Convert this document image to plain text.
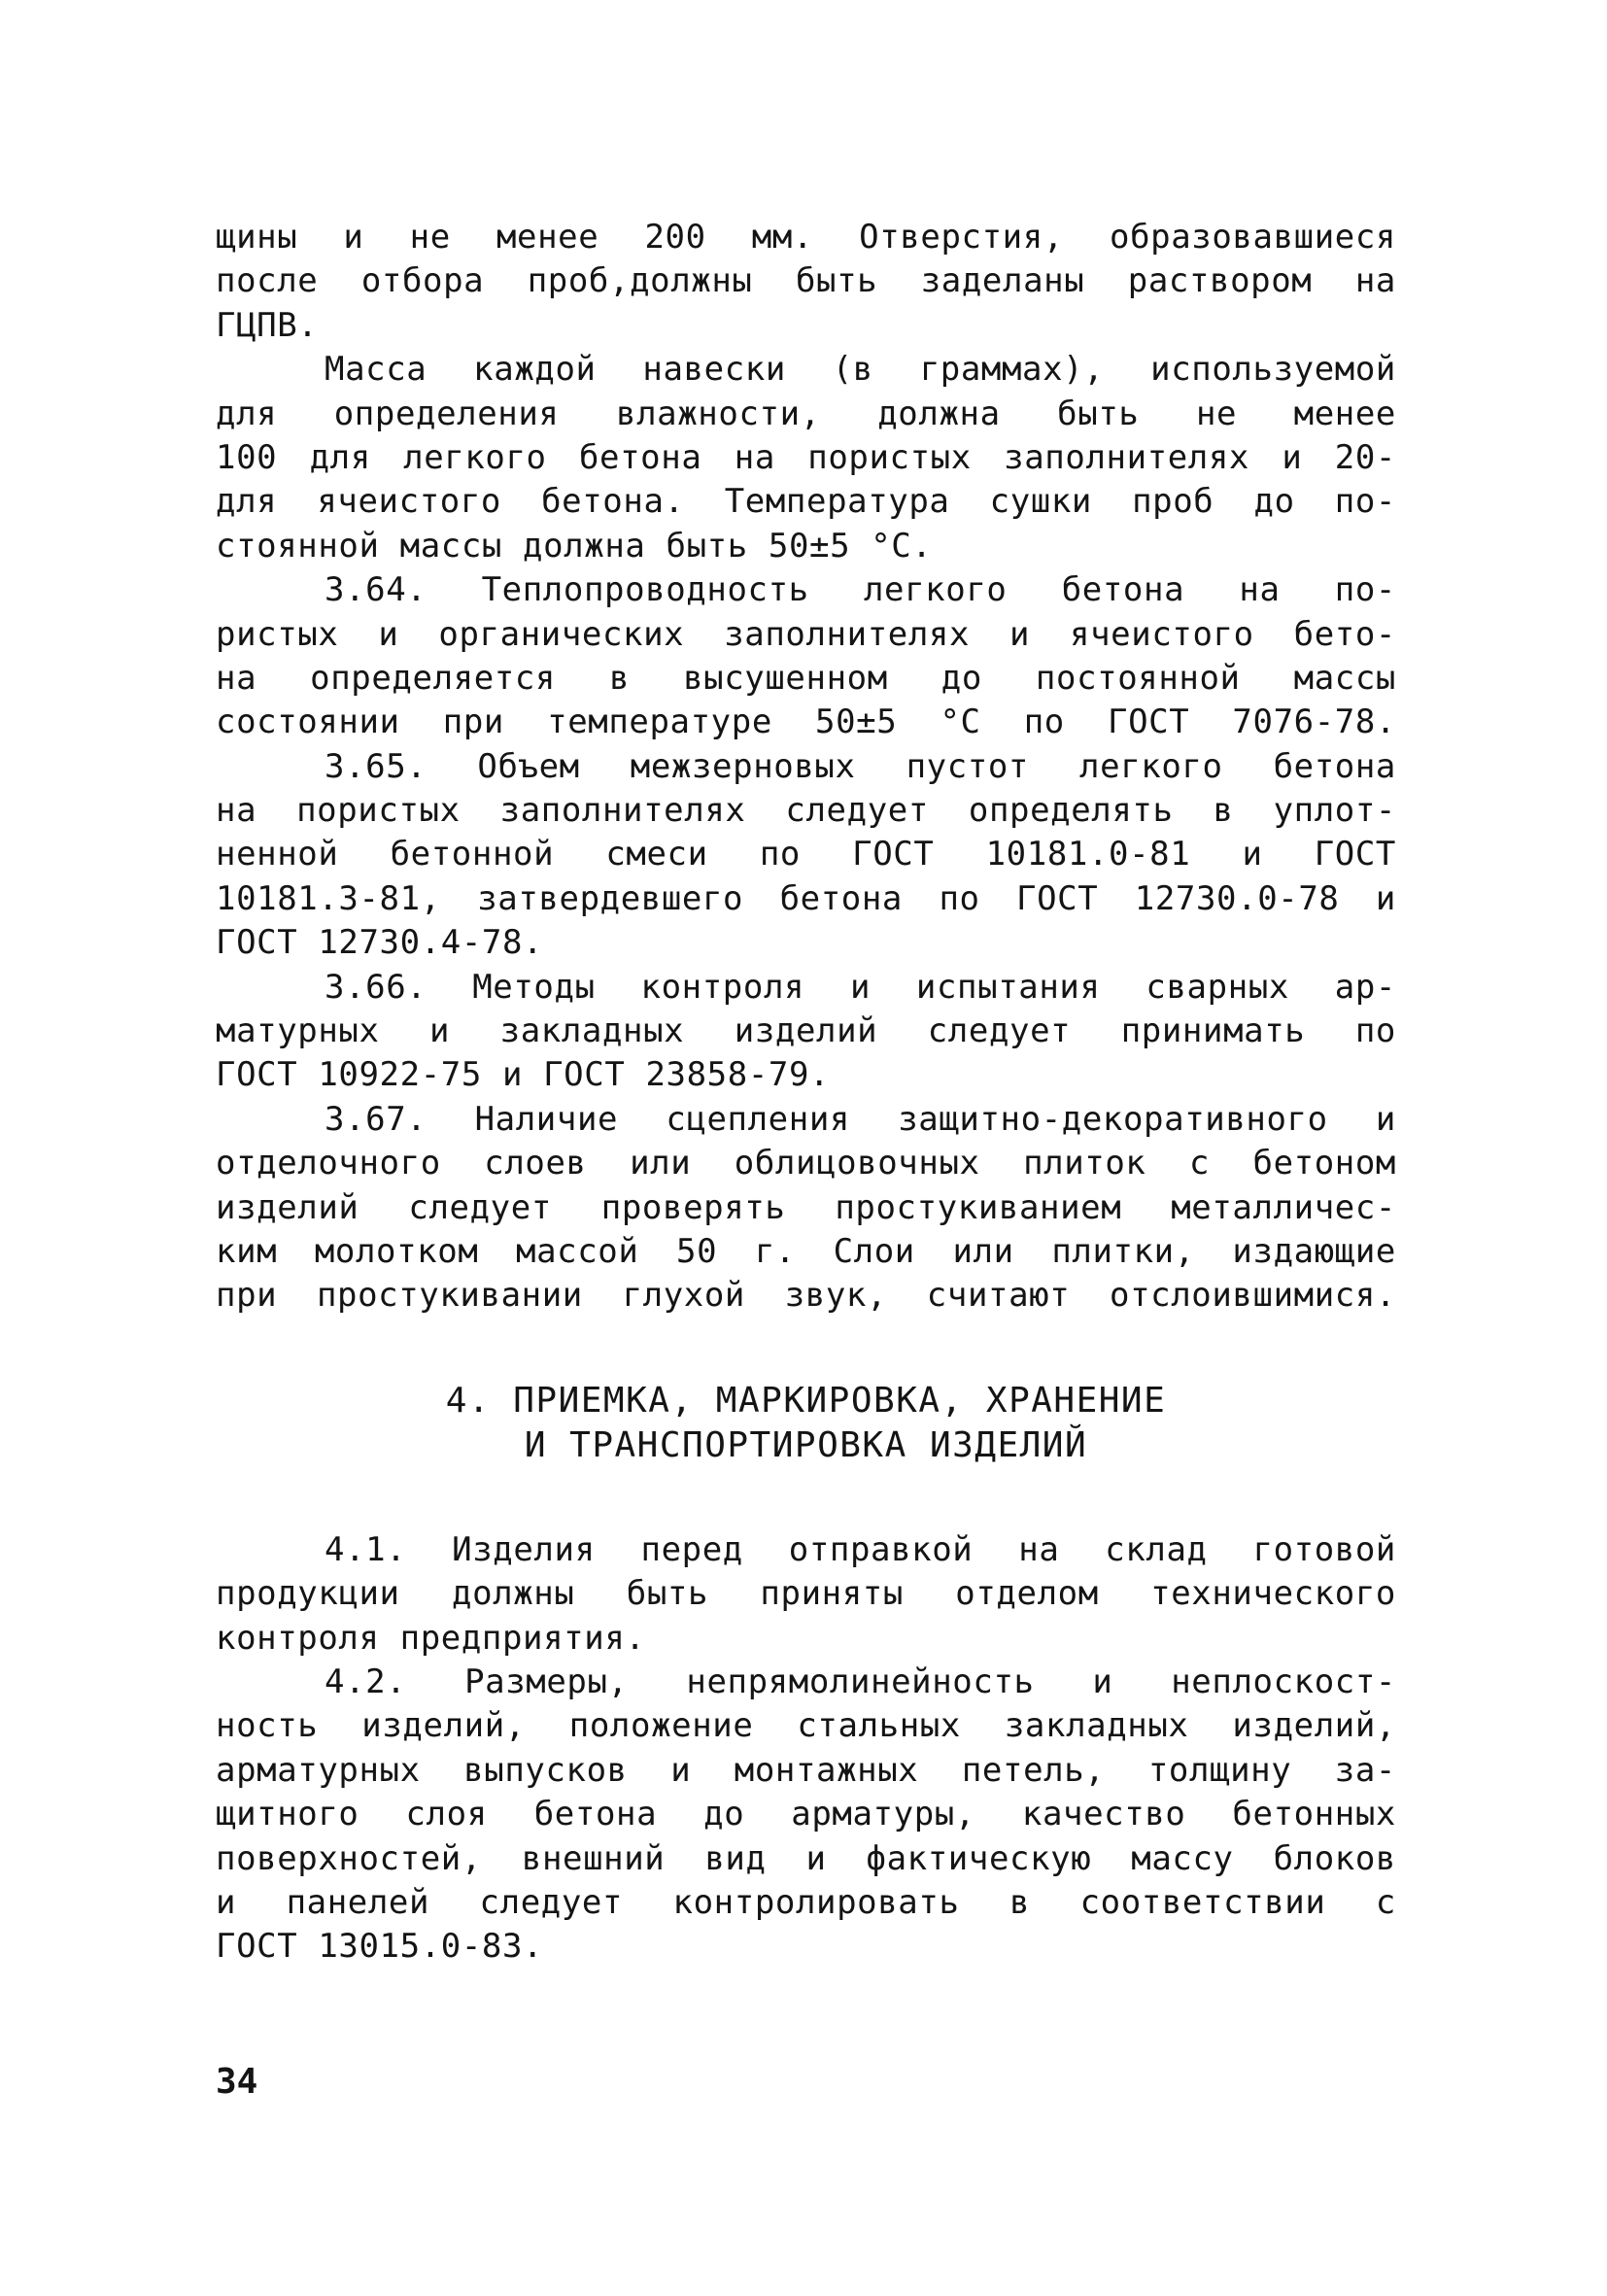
щины и не менее 200 мм. Отверстия, образовавшиеся
после отбора проб,должны быть заделаны раствором на
ГЦПВ.
Масса каждой навески (в граммах), используемой
для определения влажности, должна быть не менее
100 для легкого бетона на пористых заполнителях и 20-
для ячеистого бетона. Температура сушки проб до по-
стоянной массы должна быть 50±5 °С.
3.64. Теплопроводность легкого бетона на по-
ристых и органических заполнителях и ячеистого бето-
на определяется в высушенном до постоянной массы
состоянии при температуре 50±5 °С по ГОСТ 7076-78.
3.65. Объем межзерновых пустот легкого бетона
на пористых заполнителях следует определять в уплот-
ненной бетонной смеси по ГОСТ 10181.0-81 и ГОСТ
10181.3-81, затвердевшего бетона по ГОСТ 12730.0-78 и
ГОСТ 12730.4-78.
3.66. Методы контроля и испытания сварных ар-
матурных и закладных изделий следует принимать по
ГОСТ 10922-75 и ГОСТ 23858-79.
3.67. Наличие сцепления защитно-декоративного и
отделочного слоев или облицовочных плиток с бетоном
изделий следует проверять простукиванием металличес-
ким молотком массой 50 г. Слои или плитки, издающие
при простукивании глухой звук, считают отслоившимися.
4. ПРИЕМКА, МАРКИРОВКА, ХРАНЕНИЕ
И ТРАНСПОРТИРОВКА ИЗДЕЛИЙ
4.1. Изделия перед отправкой на склад готовой
продукции должны быть приняты отделом технического
контроля предприятия.
4.2. Размеры, непрямолинейность и неплоскост-
ность изделий, положение стальных закладных изделий,
арматурных выпусков и монтажных петель, толщину за-
щитного слоя бетона до арматуры, качество бетонных
поверхностей, внешний вид и фактическую массу блоков
и панелей следует контролировать в соответствии с
ГОСТ 13015.0-83.
34
